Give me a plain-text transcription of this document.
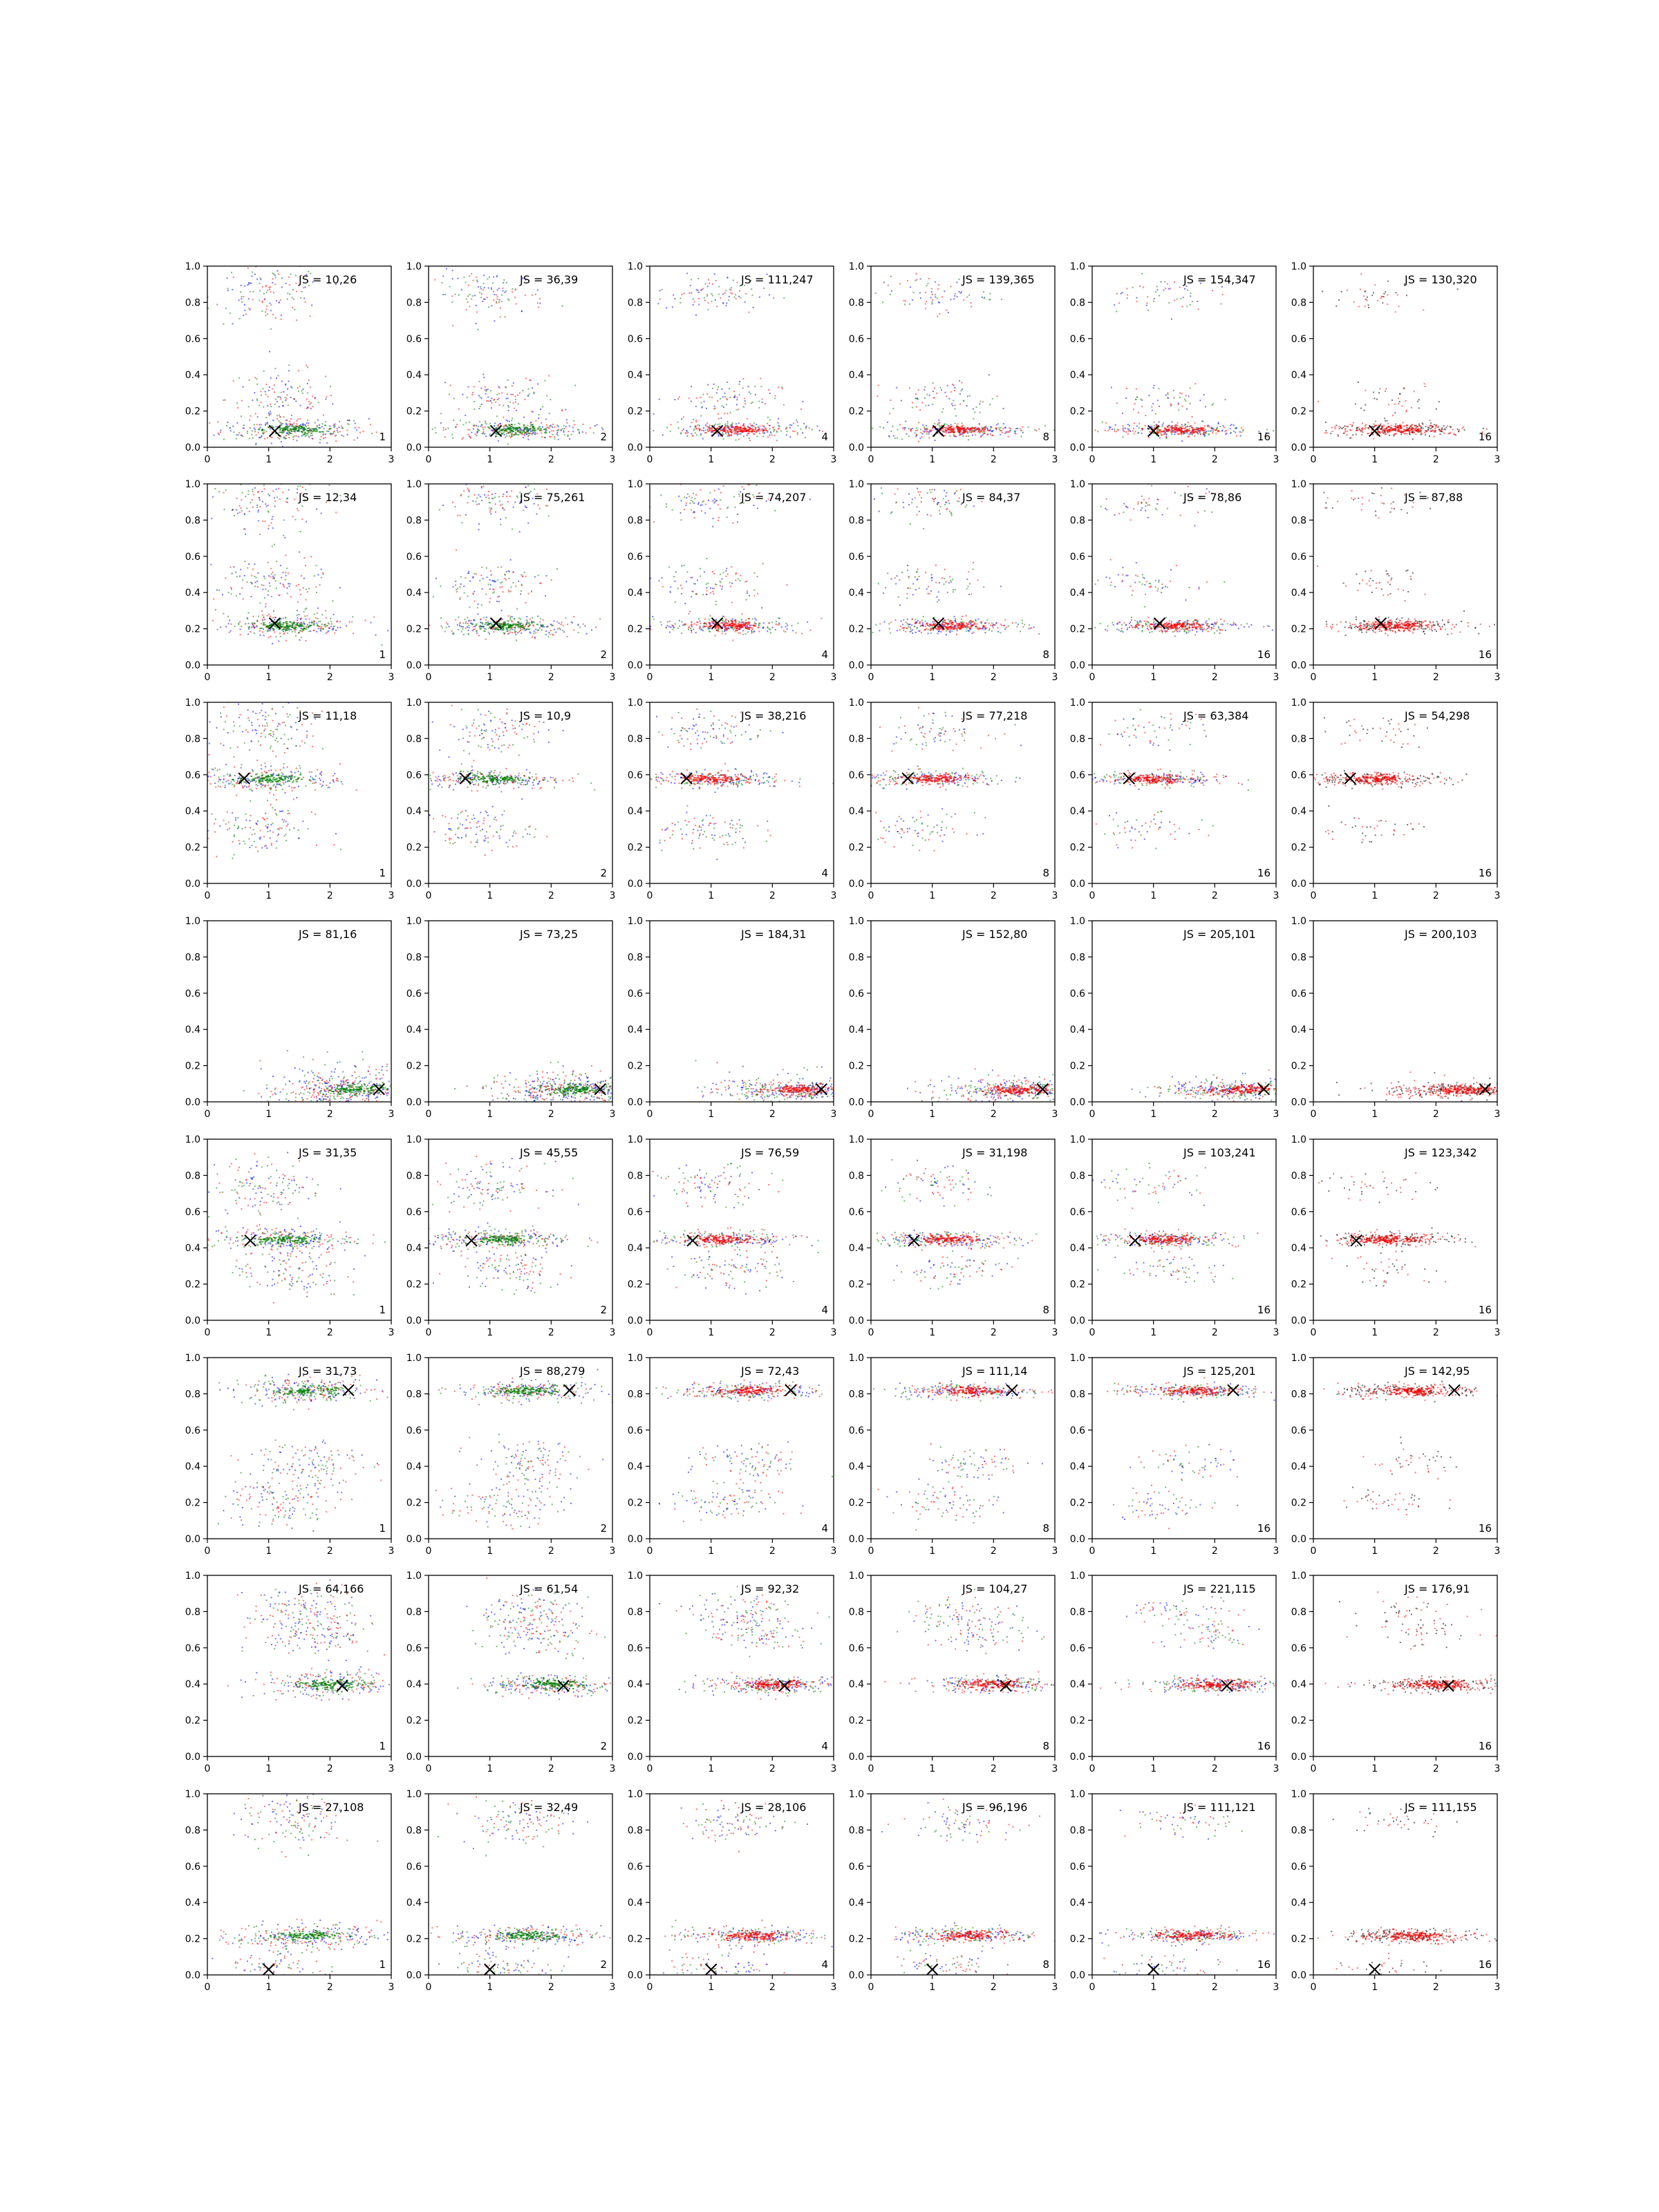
0.0
0.2
0.4
0.6
0.8
1.0
0	1	2	3
JS = 10,26
1
0.0
0.2
0.4
0.6
0.8
1.0
0	1	2	3
JS = 36,39
2
0.0
0.2
0.4
0.6
0.8
1.0
0	1	2	3
JS = 111,247
4
0.0
0.2
0.4
0.6
0.8
1.0
0	1	2	3
JS = 139,365
8
0.0
0.2
0.4
0.6
0.8
1.0
0	1	2	3
JS = 154,347
16
0.0
0.2
0.4
0.6
0.8
1.0
0	1	2	3
JS = 130,320
16
0.0
0.2
0.4
0.6
0.8
1.0
0	1	2	3
JS = 12,34
1
0.0
0.2
0.4
0.6
0.8
1.0
0	1	2	3
JS = 75,261
2
0.0
0.2
0.4
0.6
0.8
1.0
0	1	2	3
JS = 74,207
4
0.0
0.2
0.4
0.6
0.8
1.0
0	1	2	3
JS = 84,37
8
0.0
0.2
0.4
0.6
0.8
1.0
0	1	2	3
JS = 78,86
16
0.0
0.2
0.4
0.6
0.8
1.0
0	1	2	3
JS = 87,88
16
0.0
0.2
0.4
0.6
0.8
1.0
0	1	2	3
JS = 11,18
1
0.0
0.2
0.4
0.6
0.8
1.0
0	1	2	3
JS = 10,9
2
0.0
0.2
0.4
0.6
0.8
1.0
0	1	2	3
JS = 38,216
4
0.0
0.2
0.4
0.6
0.8
1.0
0	1	2	3
JS = 77,218
8
0.0
0.2
0.4
0.6
0.8
1.0
0	1	2	3
JS = 63,384
16
0.0
0.2
0.4
0.6
0.8
1.0
0	1	2	3
JS = 54,298
16
0.0
0.2
0.4
0.6
0.8
1.0
0	1	2	3
JS = 81,16
0.0
0.2
0.4
0.6
0.8
1.0
0	1	2	3
JS = 73,25
0.0
0.2
0.4
0.6
0.8
1.0
0	1	2	3
JS = 184,31
0.0
0.2
0.4
0.6
0.8
1.0
0	1	2	3
JS = 152,80
0.0
0.2
0.4
0.6
0.8
1.0
0	1	2	3
JS = 205,101
0.0
0.2
0.4
0.6
0.8
1.0
0	1	2	3
JS = 200,103
0.0
0.2
0.4
0.6
0.8
1.0
0	1	2	3
JS = 31,35
1
0.0
0.2
0.4
0.6
0.8
1.0
0	1	2	3
JS = 45,55
2
0.0
0.2
0.4
0.6
0.8
1.0
0	1	2	3
JS = 76,59
4
0.0
0.2
0.4
0.6
0.8
1.0
0	1	2	3
JS = 31,198
8
0.0
0.2
0.4
0.6
0.8
1.0
0	1	2	3
JS = 103,241
16
0.0
0.2
0.4
0.6
0.8
1.0
0	1	2	3
JS = 123,342
16
0.0
0.2
0.4
0.6
0.8
1.0
0	1	2	3
JS = 31,73
1
0.0
0.2
0.4
0.6
0.8
1.0
0	1	2	3
JS = 88,279
2
0.0
0.2
0.4
0.6
0.8
1.0
0	1	2	3
JS = 72,43
4
0.0
0.2
0.4
0.6
0.8
1.0
0	1	2	3
JS = 111,14
8
0.0
0.2
0.4
0.6
0.8
1.0
0	1	2	3
JS = 125,201
16
0.0
0.2
0.4
0.6
0.8
1.0
0	1	2	3
JS = 142,95
16
0.0
0.2
0.4
0.6
0.8
1.0
0	1	2	3
JS = 64,166
1
0.0
0.2
0.4
0.6
0.8
1.0
0	1	2	3
JS = 61,54
2
0.0
0.2
0.4
0.6
0.8
1.0
0	1	2	3
JS = 92,32
4
0.0
0.2
0.4
0.6
0.8
1.0
0	1	2	3
JS = 104,27
8
0.0
0.2
0.4
0.6
0.8
1.0
0	1	2	3
JS = 221,115
16
0.0
0.2
0.4
0.6
0.8
1.0
0	1	2	3
JS = 176,91
16
0.0
0.2
0.4
0.6
0.8
1.0
0	1	2	3
JS = 27,108
1
0.0
0.2
0.4
0.6
0.8
1.0
0	1	2	3
JS = 32,49
2
0.0
0.2
0.4
0.6
0.8
1.0
0	1	2	3
JS = 28,106
4
0.0
0.2
0.4
0.6
0.8
1.0
0	1	2	3
JS = 96,196
8
0.0
0.2
0.4
0.6
0.8
1.0
0	1	2	3
JS = 111,121
16
0.0
0.2
0.4
0.6
0.8
1.0
0	1	2	3
JS = 111,155
16
